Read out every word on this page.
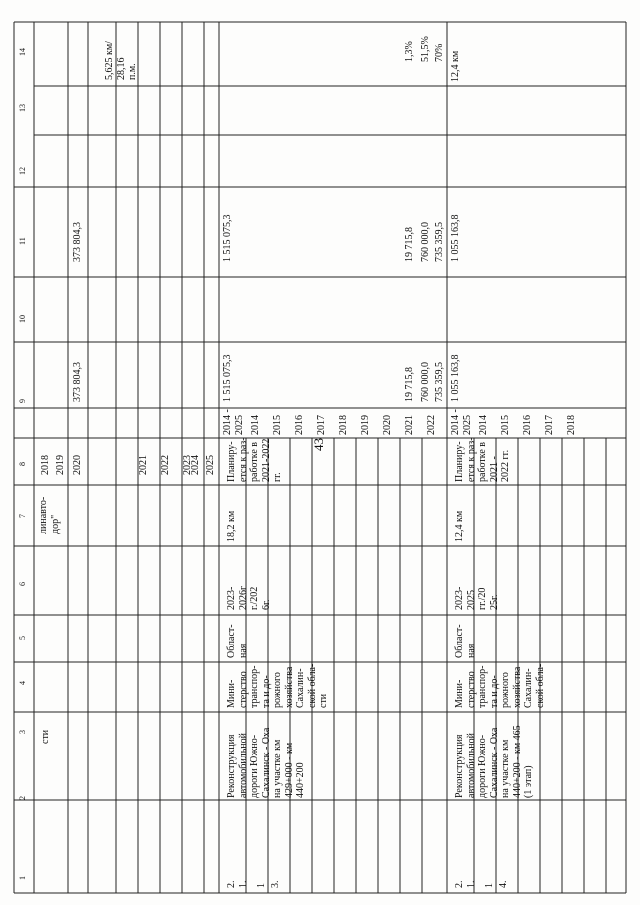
43
1
2
3
4
5
6
7
8
9
10
11
12
13
14
сти
линавто-
дор"
2018 2019 2020	2021 2022 2023
2024 2025
373 804,3
373 804,3
5,625 км/
28,16
п.м.
2. 1. 1 3.
Реконструкция
автомобильной
дороги Южно-
Сахалинск - Оха
на участке км
429+000 - км
440+200
Мини-
стерство
транспор-
та и до-
рожного
хозяйства
Сахалин-
ской обла-
сти
Област-
ная
2023-
2026г
г./202
6г.
18,2 км
Планиру-
ется к раз-
работке в
2021-2022
гг.
2014 -
2025 2014 2015 2016 2017 2018 2019 2020 2021 2022
1 515 075,3
1 515 075,3
19 715,8
19 715,8
760 000,0
760 000,0
735 359,5
735 359,5
1,3% 51,5% 70%
2. 1. 1 4.
Реконструкция
автомобильной
дороги Южно-
Сахалинск - Оха
на участке км
440+200 - км 465
(1 этап)
Мини-
стерство
транспор-
та и до-
рожного
хозяйства
Сахалин-
ской обла-
Област-
ная
2023-
2025
гг./20
25г.
12,4 км
Планиру-
ется к раз-
работке в
2021 -
2022 гг.
2014 -
2025 2014 2015 2016 2017 2018
1 055 163,8
1 055 163,8
12,4 км
